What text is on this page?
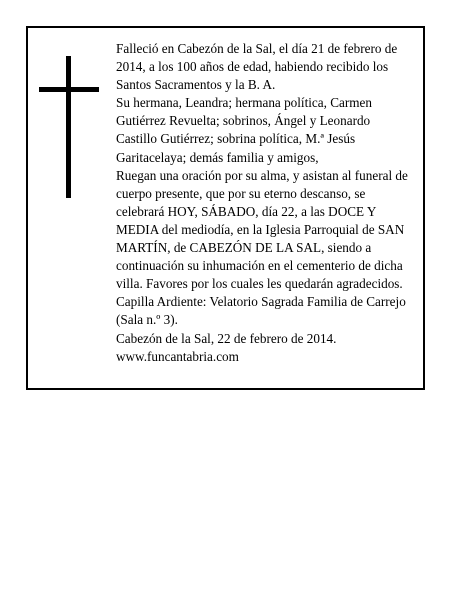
Falleció en Cabezón de la Sal, el día 21 de febrero de 2014, a los 100 años de edad, habiendo recibido los Santos Sacramentos y la B. A.

Su hermana, Leandra; hermana política, Carmen Gutiérrez Revuelta; sobrinos, Ángel y Leonardo Castillo Gutiérrez; sobrina política, M.ª Jesús Garitacelaya; demás familia y amigos,

Ruegan una oración por su alma, y asistan al funeral de cuerpo presente, que por su eterno descanso, se celebrará HOY, SÁBADO, día 22, a las DOCE Y MEDIA del mediodía, en la Iglesia Parroquial de SAN MARTÍN, de CABEZÓN DE LA SAL, siendo a continuación su inhumación en el cementerio de dicha villa. Favores por los cuales les quedarán agradecidos.

Capilla Ardiente: Velatorio Sagrada Familia de Carrejo (Sala n.º 3).

Cabezón de la Sal, 22 de febrero de 2014.

www.funcantabria.com
